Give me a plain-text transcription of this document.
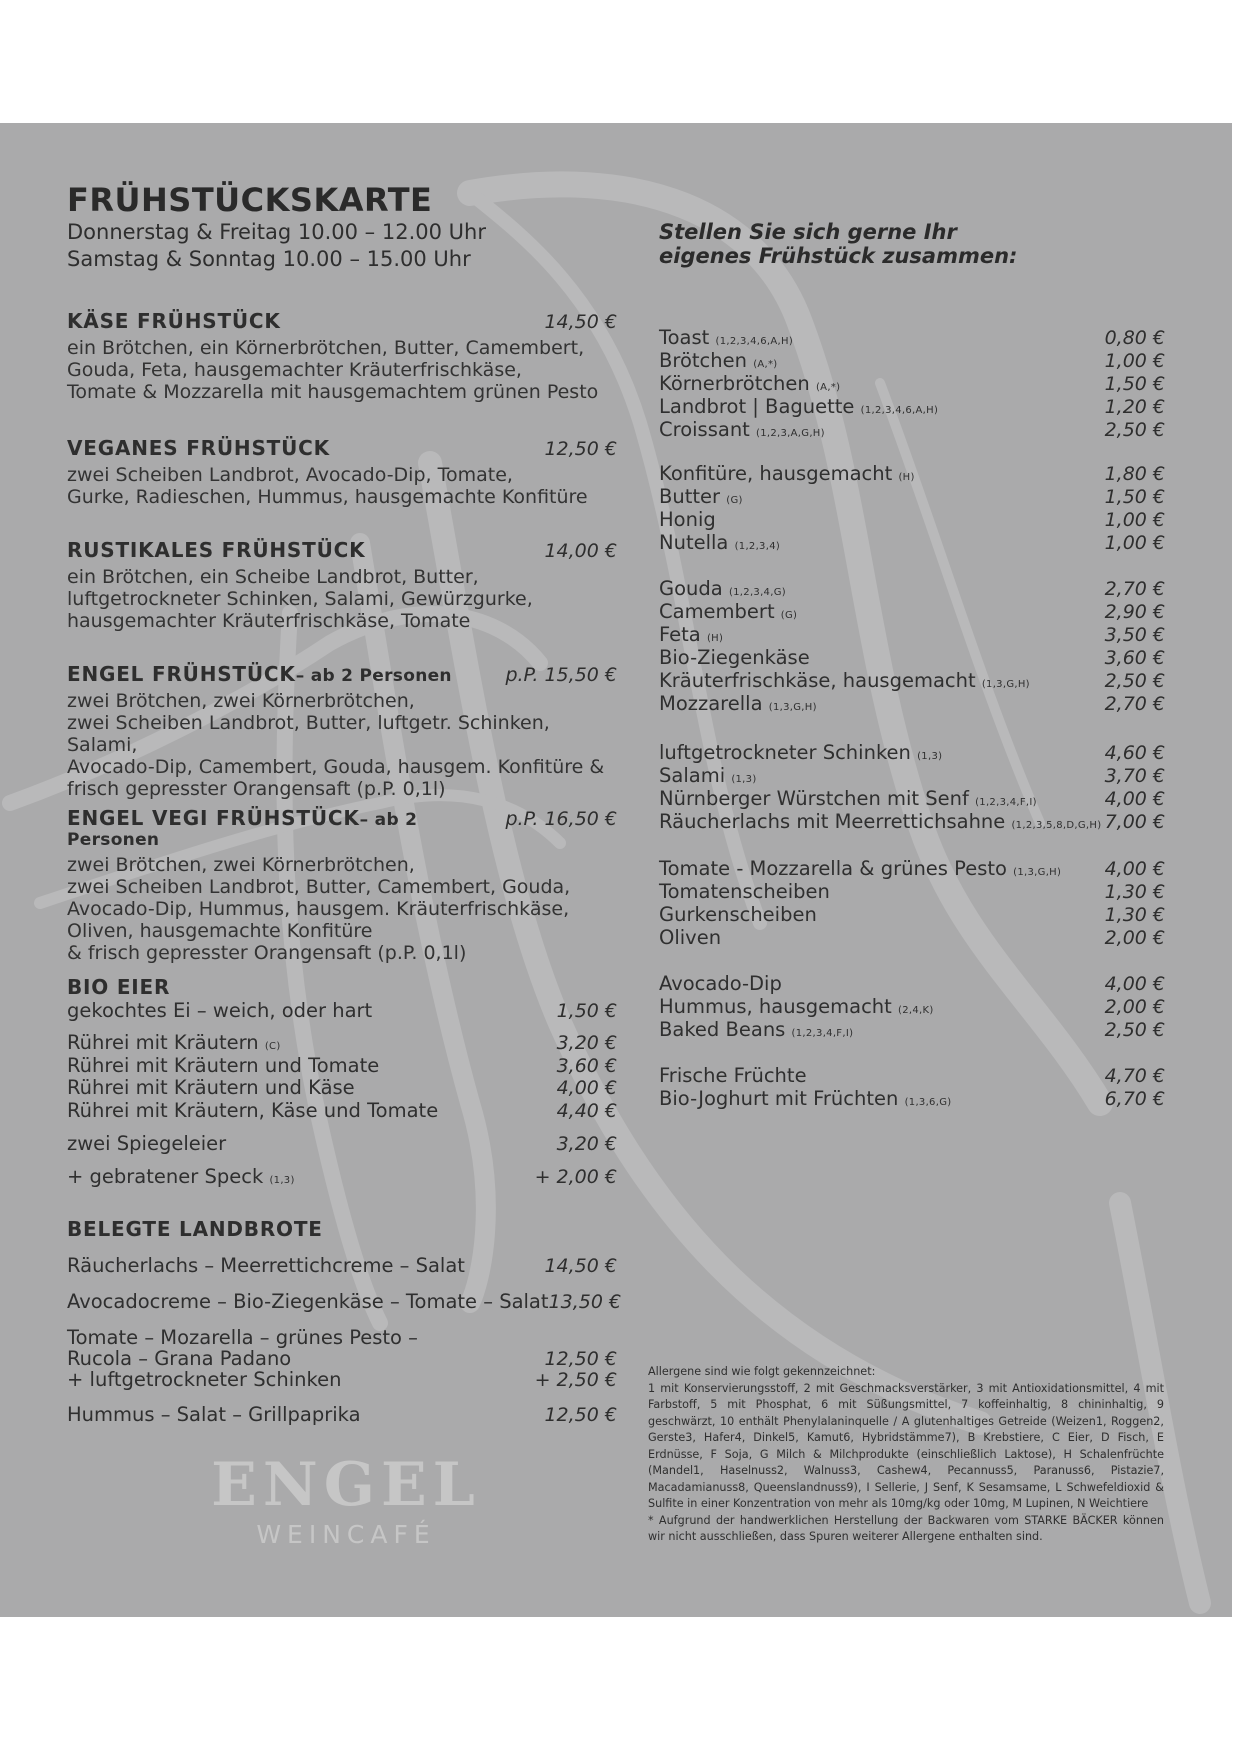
FRÜHSTÜCKSKARTE
Donnerstag & Freitag 10.00 – 12.00 Uhr
Samstag & Sonntag 10.00 – 15.00 Uhr
KÄSE FRÜHSTÜCK	14,50 €
ein Brötchen, ein Körnerbrötchen, Butter, Camembert,
Gouda, Feta, hausgemachter Kräuterfrischkäse,
Tomate & Mozzarella mit hausgemachtem grünen Pesto
VEGANES FRÜHSTÜCK	12,50 €
zwei Scheiben Landbrot, Avocado-Dip, Tomate,
Gurke, Radieschen, Hummus, hausgemachte Konfitüre
RUSTIKALES FRÜHSTÜCK	14,00 €
ein Brötchen, ein Scheibe Landbrot, Butter,
luftgetrockneter Schinken, Salami, Gewürzgurke,
hausgemachter Kräuterfrischkäse, Tomate
ENGEL FRÜHSTÜCK– ab 2 Personen	p.P. 15,50 €
zwei Brötchen, zwei Körnerbrötchen,
zwei Scheiben Landbrot, Butter, luftgetr. Schinken, Salami,
Avocado-Dip, Camembert, Gouda, hausgem. Konfitüre &
frisch gepresster Orangensaft (p.P. 0,1l)
ENGEL VEGI FRÜHSTÜCK– ab 2 Personen
p.P. 16,50 €
zwei Brötchen, zwei Körnerbrötchen,
zwei Scheiben Landbrot, Butter, Camembert, Gouda,
Avocado-Dip, Hummus, hausgem. Kräuterfrischkäse,
Oliven, hausgemachte Konfitüre
& frisch gepresster Orangensaft (p.P. 0,1l)
BIO EIER
gekochtes Ei – weich, oder hart	1,50 €
Rührei mit Kräutern (C)	3,20 €
Rührei mit Kräutern und Tomate	3,60 €
Rührei mit Kräutern und Käse	4,00 €
Rührei mit Kräutern, Käse und Tomate	4,40 €
zwei Spiegeleier	3,20 €
+ gebratener Speck (1,3)	+ 2,00 €
BELEGTE LANDBROTE
Räucherlachs – Meerrettichcreme – Salat	14,50 €
Avocadocreme – Bio-Ziegenkäse – Tomate – Salat 13,50 €
Tomate – Mozarella – grünes Pesto –
Rucola – Grana Padano	12,50 €
+ luftgetrockneter Schinken	+ 2,50 €
Hummus – Salat – Grillpaprika	12,50 €
ENGEL
WEINCAFÉ
Stellen Sie sich gerne Ihr
eigenes Frühstück zusammen:
Toast (1,2,3,4,6,A,H)	0,80 €
Brötchen (A,*)	1,00 €
Körnerbrötchen (A,*)	1,50 €
Landbrot | Baguette (1,2,3,4,6,A,H)	1,20 €
Croissant (1,2,3,A,G,H)	2,50 €
Konfitüre, hausgemacht (H)	1,80 €
Butter (G)	1,50 €
Honig	1,00 €
Nutella (1,2,3,4)	1,00 €
Gouda (1,2,3,4,G)	2,70 €
Camembert (G)	2,90 €
Feta (H)	3,50 €
Bio-Ziegenkäse	3,60 €
Kräuterfrischkäse, hausgemacht (1,3,G,H)	2,50 €
Mozzarella (1,3,G,H)	2,70 €
luftgetrockneter Schinken (1,3)	4,60 €
Salami (1,3)	3,70 €
Nürnberger Würstchen mit Senf (1,2,3,4,F,I)	4,00 €
Räucherlachs mit Meerrettichsahne (1,2,3,5,8,D,G,H) 7,00 €
Tomate - Mozzarella & grünes Pesto (1,3,G,H) 4,00 €
Tomatenscheiben	1,30 €
Gurkenscheiben	1,30 €
Oliven	2,00 €
Avocado-Dip	4,00 €
Hummus, hausgemacht (2,4,K)	2,00 €
Baked Beans (1,2,3,4,F,I)	2,50 €
Frische Früchte	4,70 €
Bio-Joghurt mit Früchten (1,3,6,G)	6,70 €
Allergene sind wie folgt gekennzeichnet:
1 mit Konservierungsstoff, 2 mit Geschmacksverstärker, 3 mit Antioxidationsmittel, 4 mit Farbstoff, 5 mit Phosphat, 6 mit Süßungsmittel, 7 koffeinhaltig, 8 chininhaltig, 9 geschwärzt, 10 enthält Phenylalaninquelle / A glutenhaltiges Getreide (Weizen1, Roggen2, Gerste3, Hafer4, Dinkel5, Kamut6, Hybridstämme7), B Krebstiere, C Eier, D Fisch, E Erdnüsse, F Soja, G Milch & Milchprodukte (einschließlich Laktose), H Schalenfrüchte (Mandel1, Haselnuss2, Walnuss3, Cashew4, Pecannuss5, Paranuss6, Pistazie7, Macadamianuss8, Queenslandnuss9), I Sellerie, J Senf, K Sesamsame, L Schwefeldioxid & Sulfite in einer Konzentration von mehr als 10mg/kg oder 10mg, M Lupinen, N Weichtiere
* Aufgrund der handwerklichen Herstellung der Backwaren vom STARKE BÄCKER können wir nicht ausschließen, dass Spuren weiterer Allergene enthalten sind.
